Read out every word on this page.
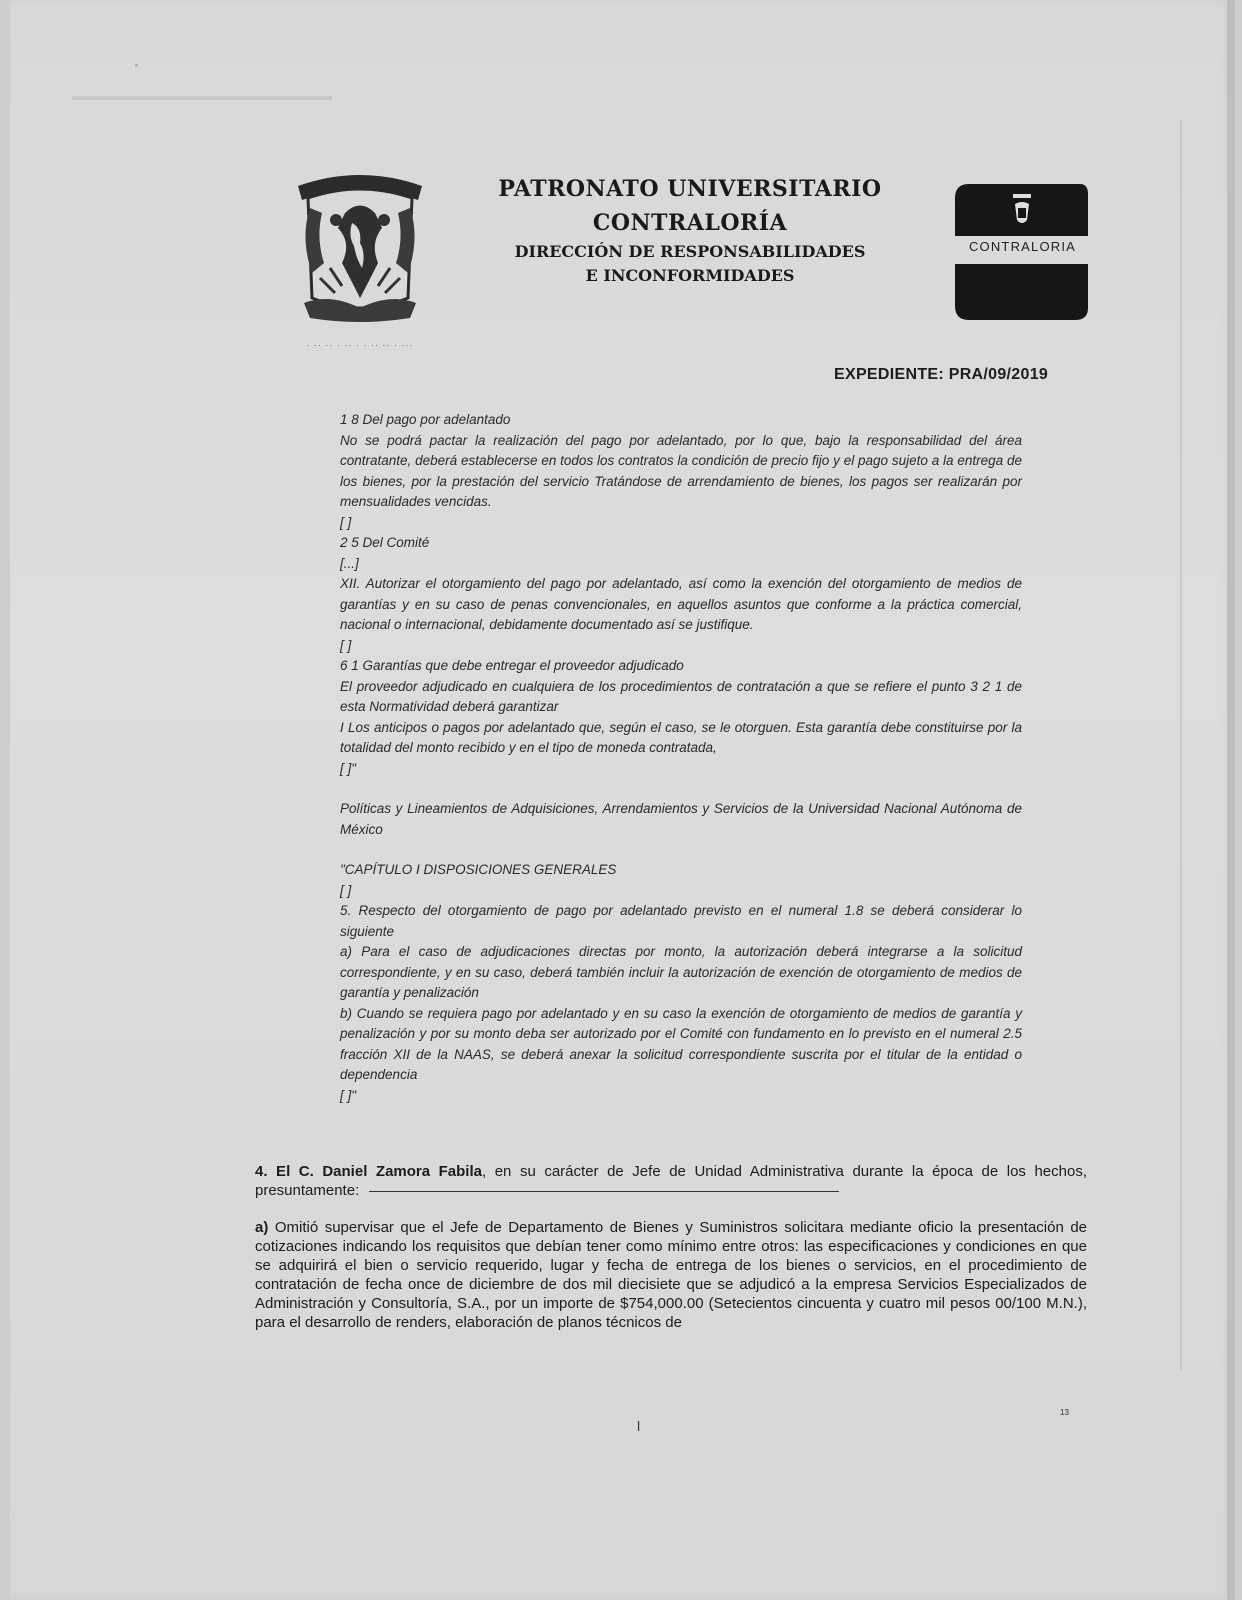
· ·· ·· · ·· · · ·· ·· · ···
PATRONATO UNIVERSITARIO
CONTRALORÍA
DIRECCIÓN DE RESPONSABILIDADES
E INCONFORMIDADES
CONTRALORIA
EXPEDIENTE: PRA/09/2019

1 8 Del pago por adelantado

No se podrá pactar la realización del pago por adelantado, por lo que, bajo la responsabilidad del área contratante, deberá establecerse en todos los contratos la condición de precio fijo y el pago sujeto a la entrega de los bienes, por la prestación del servicio Tratándose de arrendamiento de bienes, los pagos ser realizarán por mensualidades vencidas.

[ ]

2 5 Del Comité

[...]

XII. Autorizar el otorgamiento del pago por adelantado, así como la exención del otorgamiento de medios de garantías y en su caso de penas convencionales, en aquellos asuntos que conforme a la práctica comercial, nacional o internacional, debidamente documentado así se justifique.

[ ]

6 1 Garantías que debe entregar el proveedor adjudicado

El proveedor adjudicado en cualquiera de los procedimientos de contratación a que se refiere el punto 3 2 1 de esta Normatividad deberá garantizar

I Los anticipos o pagos por adelantado que, según el caso, se le otorguen. Esta garantía debe constituirse por la totalidad del monto recibido y en el tipo de moneda contratada,

[ ]"

Políticas y Lineamientos de Adquisiciones, Arrendamientos y Servicios de la Universidad Nacional Autónoma de México

"CAPÍTULO I DISPOSICIONES GENERALES

[ ]

5. Respecto del otorgamiento de pago por adelantado previsto en el numeral 1.8 se deberá considerar lo siguiente

a) Para el caso de adjudicaciones directas por monto, la autorización deberá integrarse a la solicitud correspondiente, y en su caso, deberá también incluir la autorización de exención de otorgamiento de medios de garantía y penalización

b) Cuando se requiera pago por adelantado y en su caso la exención de otorgamiento de medios de garantía y penalización y por su monto deba ser autorizado por el Comité con fundamento en lo previsto en el numeral 2.5 fracción XII de la NAAS, se deberá anexar la solicitud correspondiente suscrita por el titular de la entidad o dependencia

[ ]"

4. El C. Daniel Zamora Fabila, en su carácter de Jefe de Unidad Administrativa durante la época de los hechos, presuntamente:

a) Omitió supervisar que el Jefe de Departamento de Bienes y Suministros solicitara mediante oficio la presentación de cotizaciones indicando los requisitos que debían tener como mínimo entre otros: las especificaciones y condiciones en que se adquirirá el bien o servicio requerido, lugar y fecha de entrega de los bienes o servicios, en el procedimiento de contratación de fecha once de diciembre de dos mil diecisiete que se adjudicó a la empresa Servicios Especializados de Administración y Consultoría, S.A., por un importe de $754,000.00 (Setecientos cincuenta y cuatro mil pesos 00/100 M.N.), para el desarrollo de renders, elaboración de planos técnicos de

13
l
